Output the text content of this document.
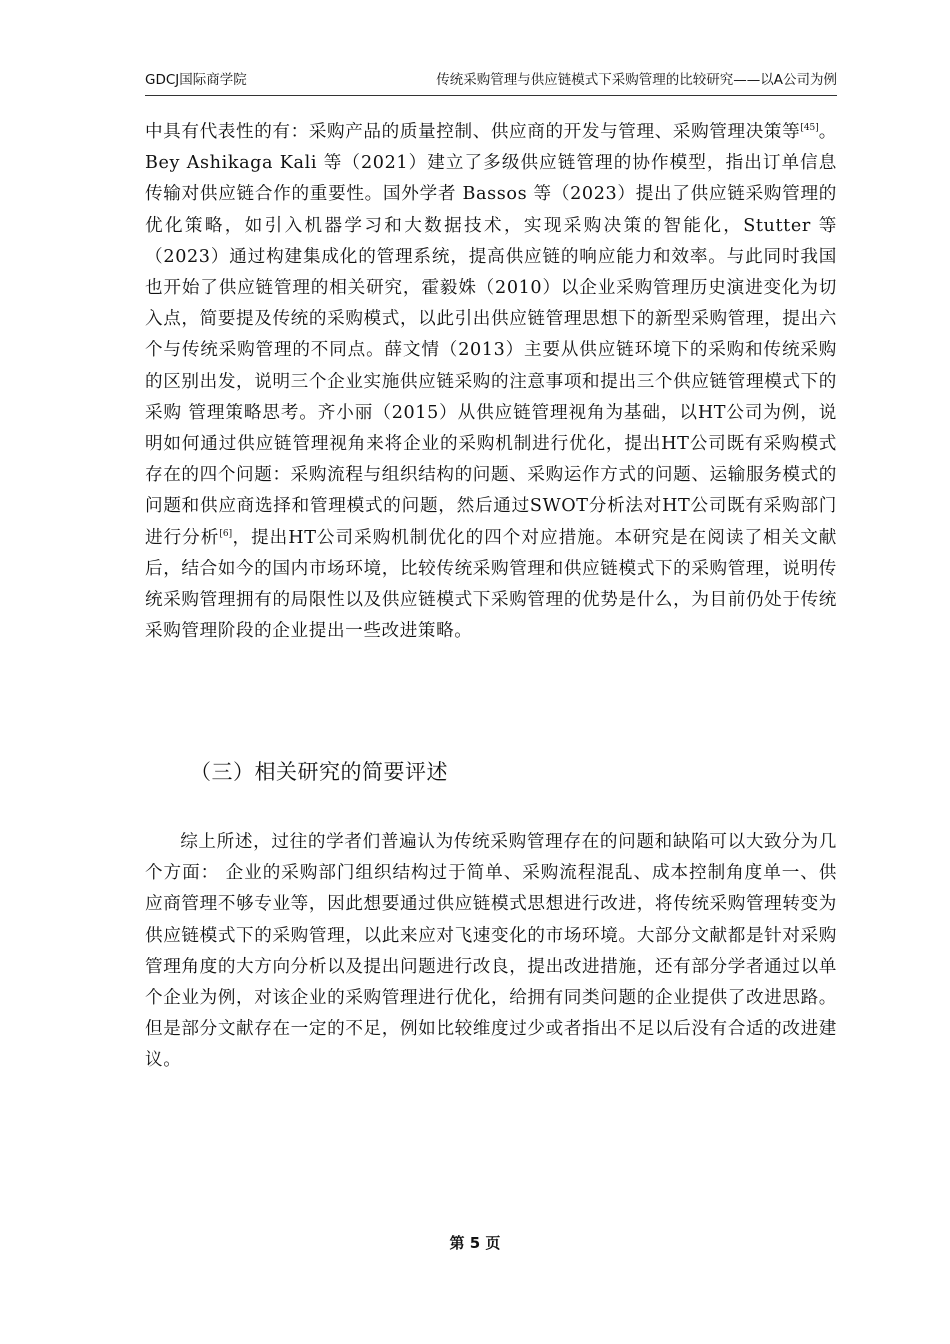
GDCJ国际商学院	传统采购管理与供应链模式下采购管理的比较研究——以A公司为例

中具有代表性的有：采购产品的质量控制、供应商的开发与管理、采购管理决策等[45]。Bey Ashikaga Kali 等（2021）建立了多级供应链管理的协作模型，指出订单信息传输对供应链合作的重要性。国外学者 Bassos 等（2023）提出了供应链采购管理的优化策略，如引入机器学习和大数据技术，实现采购决策的智能化，Stutter 等（2023）通过构建集成化的管理系统，提高供应链的响应能力和效率。与此同时我国也开始了供应链管理的相关研究，霍毅姝（2010）以企业采购管理历史演进变化为切入点，简要提及传统的采购模式，以此引出供应链管理思想下的新型采购管理，提出六个与传统采购管理的不同点。薛文情（2013）主要从供应链环境下的采购和传统采购的区别出发，说明三个企业实施供应链采购的注意事项和提出三个供应链管理模式下的采购 管理策略思考。齐小丽（2015）从供应链管理视角为基础，以HT公司为例，说明如何通过供应链管理视角来将企业的采购机制进行优化，提出HT公司既有采购模式存在的四个问题：采购流程与组织结构的问题、采购运作方式的问题、运输服务模式的问题和供应商选择和管理模式的问题，然后通过SWOT分析法对HT公司既有采购部门进行分析[6]，提出HT公司采购机制优化的四个对应措施。本研究是在阅读了相关文献后，结合如今的国内市场环境，比较传统采购管理和供应链模式下的采购管理，说明传统采购管理拥有的局限性以及供应链模式下采购管理的优势是什么，为目前仍处于传统采购管理阶段的企业提出一些改进策略。

（三）相关研究的简要评述

综上所述，过往的学者们普遍认为传统采购管理存在的问题和缺陷可以大致分为几个方面： 企业的采购部门组织结构过于简单、采购流程混乱、成本控制角度单一、供应商管理不够专业等，因此想要通过供应链模式思想进行改进，将传统采购管理转变为供应链模式下的采购管理，以此来应对飞速变化的市场环境。大部分文献都是针对采购管理角度的大方向分析以及提出问题进行改良，提出改进措施，还有部分学者通过以单个企业为例，对该企业的采购管理进行优化，给拥有同类问题的企业提供了改进思路。但是部分文献存在一定的不足，例如比较维度过少或者指出不足以后没有合适的改进建议。

第 5 页
